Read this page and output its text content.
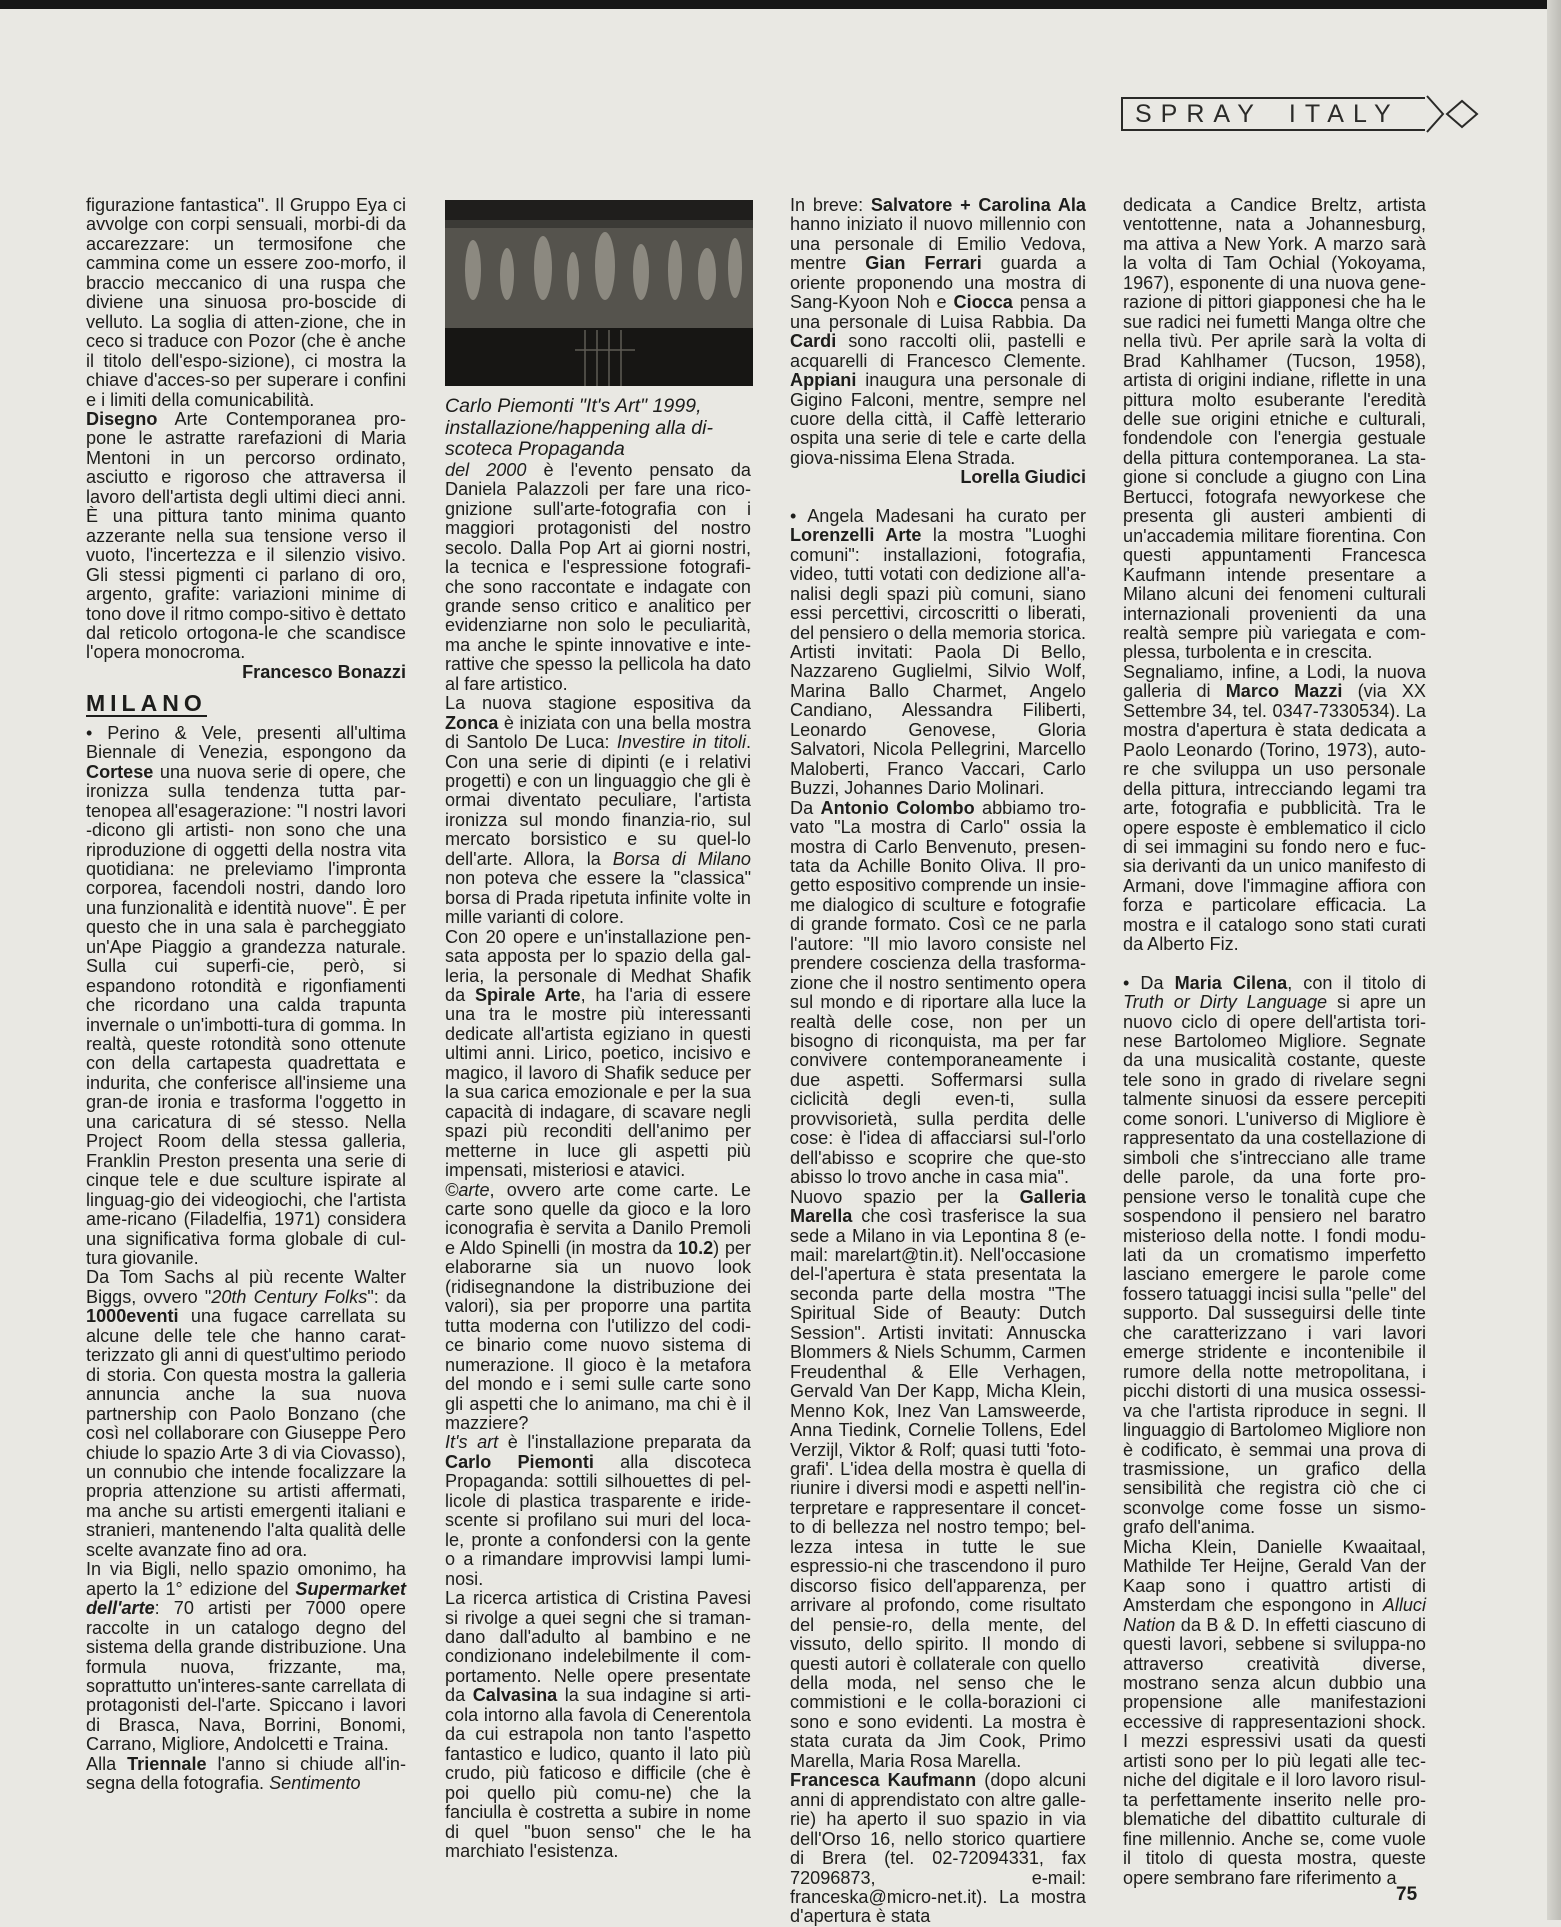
SPRAY ITALY

figurazione fantastica". Il Gruppo Eya ci avvolge con corpi sensuali, morbi-di da accarezzare: un termosifone che cammina come un essere zoo-morfo, il braccio meccanico di una ruspa che diviene una sinuosa pro-boscide di velluto. La soglia di atten-zione, che in ceco si traduce con Pozor (che è anche il titolo dell'espo-sizione), ci mostra la chiave d'acces-so per superare i confini e i limiti della comunicabilità.

Disegno Arte Contemporanea pro-pone le astratte rarefazioni di Maria Mentoni in un percorso ordinato, asciutto e rigoroso che attraversa il lavoro dell'artista degli ultimi dieci anni. È una pittura tanto minima quanto azzerante nella sua tensione verso il vuoto, l'incertezza e il silenzio visivo. Gli stessi pigmenti ci parlano di oro, argento, grafite: variazioni minime di tono dove il ritmo compo-sitivo è dettato dal reticolo ortogona-le che scandisce l'opera monocroma.

Francesco Bonazzi

MILANO

• Perino & Vele, presenti all'ultima Biennale di Venezia, espongono da Cortese una nuova serie di opere, che ironizza sulla tendenza tutta par-tenopea all'esagerazione: "I nostri lavori -dicono gli artisti- non sono che una riproduzione di oggetti della nostra vita quotidiana: ne preleviamo l'impronta corporea, facendoli nostri, dando loro una funzionalità e identità nuove". È per questo che in una sala è parcheggiato un'Ape Piaggio a grandezza naturale. Sulla cui superfi-cie, però, si espandono rotondità e rigonfiamenti che ricordano una calda trapunta invernale o un'imbotti-tura di gomma. In realtà, queste rotondità sono ottenute con della cartapesta quadrettata e indurita, che conferisce all'insieme una gran-de ironia e trasforma l'oggetto in una caricatura di sé stesso. Nella Project Room della stessa galleria, Franklin Preston presenta una serie di cinque tele e due sculture ispirate al linguag-gio dei videogiochi, che l'artista ame-ricano (Filadelfia, 1971) considera una significativa forma globale di cul-tura giovanile.

Da Tom Sachs al più recente Walter Biggs, ovvero "20th Century Folks": da 1000eventi una fugace carrellata su alcune delle tele che hanno carat-terizzato gli anni di quest'ultimo periodo di storia. Con questa mostra la galleria annuncia anche la sua nuova partnership con Paolo Bonzano (che così nel collaborare con Giuseppe Pero chiude lo spazio Arte 3 di via Ciovasso), un connubio che intende focalizzare la propria attenzione su artisti affermati, ma anche su artisti emergenti italiani e stranieri, mantenendo l'alta qualità delle scelte avanzate fino ad ora.

In via Bigli, nello spazio omonimo, ha aperto la 1° edizione del Supermarket dell'arte: 70 artisti per 7000 opere raccolte in un catalogo degno del sistema della grande distribuzione. Una formula nuova, frizzante, ma, soprattutto un'interes-sante carrellata di protagonisti del-l'arte. Spiccano i lavori di Brasca, Nava, Borrini, Bonomi, Carrano, Migliore, Andolcetti e Traina.

Alla Triennale l'anno si chiude all'in-segna della fotografia. Sentimento

Carlo Piemonti "It's Art" 1999, installazione/happening alla di-scoteca Propaganda

del 2000 è l'evento pensato da Daniela Palazzoli per fare una rico-gnizione sull'arte-fotografia con i maggiori protagonisti del nostro secolo. Dalla Pop Art ai giorni nostri, la tecnica e l'espressione fotografi-che sono raccontate e indagate con grande senso critico e analitico per evidenziarne non solo le peculiarità, ma anche le spinte innovative e inte-rattive che spesso la pellicola ha dato al fare artistico.

La nuova stagione espositiva da Zonca è iniziata con una bella mostra di Santolo De Luca: Investire in titoli. Con una serie di dipinti (e i relativi progetti) e con un linguaggio che gli è ormai diventato peculiare, l'artista ironizza sul mondo finanzia-rio, sul mercato borsistico e su quel-lo dell'arte. Allora, la Borsa di Milano non poteva che essere la "classica" borsa di Prada ripetuta infinite volte in mille varianti di colore.

Con 20 opere e un'installazione pen-sata apposta per lo spazio della gal-leria, la personale di Medhat Shafik da Spirale Arte, ha l'aria di essere una tra le mostre più interessanti dedicate all'artista egiziano in questi ultimi anni. Lirico, poetico, incisivo e magico, il lavoro di Shafik seduce per la sua carica emozionale e per la sua capacità di indagare, di scavare negli spazi più reconditi dell'animo per metterne in luce gli aspetti più impensati, misteriosi e atavici.

©arte, ovvero arte come carte. Le carte sono quelle da gioco e la loro iconografia è servita a Danilo Premoli e Aldo Spinelli (in mostra da 10.2) per elaborarne sia un nuovo look (ridisegnandone la distribuzione dei valori), sia per proporre una partita tutta moderna con l'utilizzo del codi-ce binario come nuovo sistema di numerazione. Il gioco è la metafora del mondo e i semi sulle carte sono gli aspetti che lo animano, ma chi è il mazziere?

It's art è l'installazione preparata da Carlo Piemonti alla discoteca Propaganda: sottili silhouettes di pel-licole di plastica trasparente e iride-scente si profilano sui muri del loca-le, pronte a confondersi con la gente o a rimandare improvvisi lampi lumi-nosi.

La ricerca artistica di Cristina Pavesi si rivolge a quei segni che si traman-dano dall'adulto al bambino e ne condizionano indelebilmente il com-portamento. Nelle opere presentate da Calvasina la sua indagine si arti-cola intorno alla favola di Cenerentola da cui estrapola non tanto l'aspetto fantastico e ludico, quanto il lato più crudo, più faticoso e difficile (che è poi quello più comu-ne) che la fanciulla è costretta a subire in nome di quel "buon senso" che le ha marchiato l'esistenza.

In breve: Salvatore + Carolina Ala hanno iniziato il nuovo millennio con una personale di Emilio Vedova, mentre Gian Ferrari guarda a oriente proponendo una mostra di Sang-Kyoon Noh e Ciocca pensa a una personale di Luisa Rabbia. Da Cardi sono raccolti olii, pastelli e acquarelli di Francesco Clemente. Appiani inaugura una personale di Gigino Falconi, mentre, sempre nel cuore della città, il Caffè letterario ospita una serie di tele e carte della giova-nissima Elena Strada.

Lorella Giudici

• Angela Madesani ha curato per Lorenzelli Arte la mostra "Luoghi comuni": installazioni, fotografia, video, tutti votati con dedizione all'a-nalisi degli spazi più comuni, siano essi percettivi, circoscritti o liberati, del pensiero o della memoria storica. Artisti invitati: Paola Di Bello, Nazzareno Guglielmi, Silvio Wolf, Marina Ballo Charmet, Angelo Candiano, Alessandra Filiberti, Leonardo Genovese, Gloria Salvatori, Nicola Pellegrini, Marcello Maloberti, Franco Vaccari, Carlo Buzzi, Johannes Dario Molinari.

Da Antonio Colombo abbiamo tro-vato "La mostra di Carlo" ossia la mostra di Carlo Benvenuto, presen-tata da Achille Bonito Oliva. Il pro-getto espositivo comprende un insie-me dialogico di sculture e fotografie di grande formato. Così ce ne parla l'autore: "Il mio lavoro consiste nel prendere coscienza della trasforma-zione che il nostro sentimento opera sul mondo e di riportare alla luce la realtà delle cose, non per un bisogno di riconquista, ma per far convivere contemporaneamente i due aspetti. Soffermarsi sulla ciclicità degli even-ti, sulla provvisorietà, sulla perdita delle cose: è l'idea di affacciarsi sul-l'orlo dell'abisso e scoprire che que-sto abisso lo trovo anche in casa mia".

Nuovo spazio per la Galleria Marella che così trasferisce la sua sede a Milano in via Lepontina 8 (e-mail: marelart@tin.it). Nell'occasione del-l'apertura è stata presentata la seconda parte della mostra "The Spiritual Side of Beauty: Dutch Session". Artisti invitati: Annuscka Blommers & Niels Schumm, Carmen Freudenthal & Elle Verhagen, Gervald Van Der Kapp, Micha Klein, Menno Kok, Inez Van Lamsweerde, Anna Tiedink, Cornelie Tollens, Edel Verzijl, Viktor & Rolf; quasi tutti 'foto-grafi'. L'idea della mostra è quella di riunire i diversi modi e aspetti nell'in-terpretare e rappresentare il concet-to di bellezza nel nostro tempo; bel-lezza intesa in tutte le sue espressio-ni che trascendono il puro discorso fisico dell'apparenza, per arrivare al profondo, come risultato del pensie-ro, della mente, del vissuto, dello spirito. Il mondo di questi autori è collaterale con quello della moda, nel senso che le commistioni e le colla-borazioni ci sono e sono evidenti. La mostra è stata curata da Jim Cook, Primo Marella, Maria Rosa Marella.

Francesca Kaufmann (dopo alcuni anni di apprendistato con altre galle-rie) ha aperto il suo spazio in via dell'Orso 16, nello storico quartiere di Brera (tel. 02-72094331, fax 72096873, e-mail: franceska@micro-net.it). La mostra d'apertura è stata

dedicata a Candice Breltz, artista ventottenne, nata a Johannesburg, ma attiva a New York. A marzo sarà la volta di Tam Ochial (Yokoyama, 1967), esponente di una nuova gene-razione di pittori giapponesi che ha le sue radici nei fumetti Manga oltre che nella tivù. Per aprile sarà la volta di Brad Kahlhamer (Tucson, 1958), artista di origini indiane, riflette in una pittura molto esuberante l'eredità delle sue origini etniche e culturali, fondendole con l'energia gestuale della pittura contemporanea. La sta-gione si conclude a giugno con Lina Bertucci, fotografa newyorkese che presenta gli austeri ambienti di un'accademia militare fiorentina. Con questi appuntamenti Francesca Kaufmann intende presentare a Milano alcuni dei fenomeni culturali internazionali provenienti da una realtà sempre più variegata e com-plessa, turbolenta e in crescita.

Segnaliamo, infine, a Lodi, la nuova galleria di Marco Mazzi (via XX Settembre 34, tel. 0347-7330534). La mostra d'apertura è stata dedicata a Paolo Leonardo (Torino, 1973), auto-re che sviluppa un uso personale della pittura, intrecciando legami tra arte, fotografia e pubblicità. Tra le opere esposte è emblematico il ciclo di sei immagini su fondo nero e fuc-sia derivanti da un unico manifesto di Armani, dove l'immagine affiora con forza e particolare efficacia. La mostra e il catalogo sono stati curati da Alberto Fiz.

• Da Maria Cilena, con il titolo di Truth or Dirty Language si apre un nuovo ciclo di opere dell'artista tori-nese Bartolomeo Migliore. Segnate da una musicalità costante, queste tele sono in grado di rivelare segni talmente sinuosi da essere percepiti come sonori. L'universo di Migliore è rappresentato da una costellazione di simboli che s'intrecciano alle trame delle parole, da una forte pro-pensione verso le tonalità cupe che sospendono il pensiero nel baratro misterioso della notte. I fondi modu-lati da un cromatismo imperfetto lasciano emergere le parole come fossero tatuaggi incisi sulla "pelle" del supporto. Dal susseguirsi delle tinte che caratterizzano i vari lavori emerge stridente e incontenibile il rumore della notte metropolitana, i picchi distorti di una musica ossessi-va che l'artista riproduce in segni. Il linguaggio di Bartolomeo Migliore non è codificato, è semmai una prova di trasmissione, un grafico della sensibilità che registra ciò che ci sconvolge come fosse un sismo-grafo dell'anima.

Micha Klein, Danielle Kwaaitaal, Mathilde Ter Heijne, Gerald Van der Kaap sono i quattro artisti di Amsterdam che espongono in Alluci Nation da B & D. In effetti ciascuno di questi lavori, sebbene si sviluppa-no attraverso creatività diverse, mostrano senza alcun dubbio una propensione alle manifestazioni eccessive di rappresentazioni shock. I mezzi espressivi usati da questi artisti sono per lo più legati alle tec-niche del digitale e il loro lavoro risul-ta perfettamente inserito nelle pro-blematiche del dibattito culturale di fine millennio. Anche se, come vuole il titolo di questa mostra, queste opere sembrano fare riferimento a

75
